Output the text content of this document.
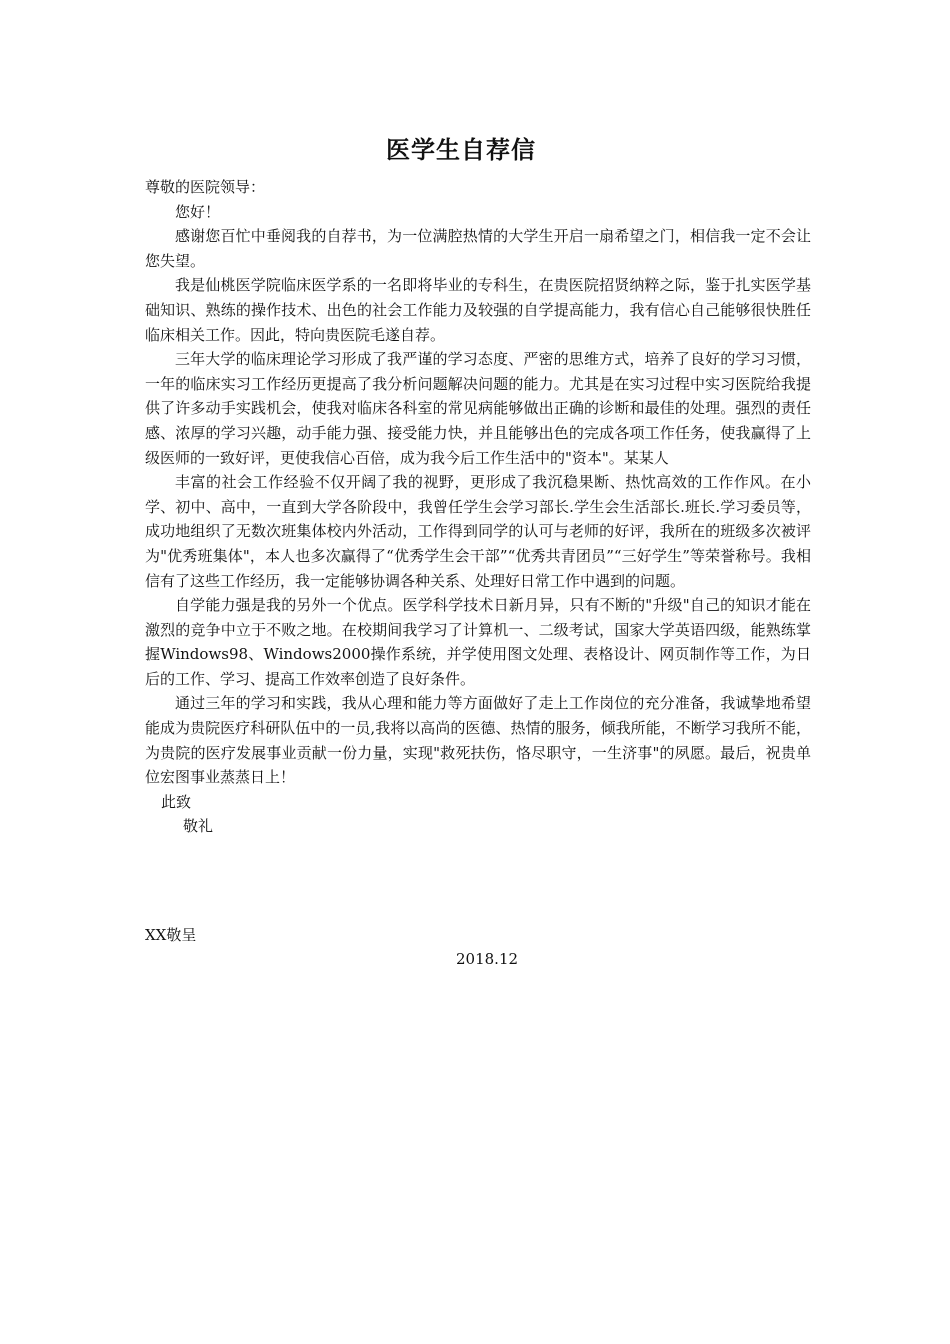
医学生自荐信

尊敬的医院领导：

您好！

感谢您百忙中垂阅我的自荐书，为一位满腔热情的大学生开启一扇希望之门，相信我一定不会让您失望。

我是仙桃医学院临床医学系的一名即将毕业的专科生，在贵医院招贤纳粹之际，鉴于扎实医学基础知识、熟练的操作技术、出色的社会工作能力及较强的自学提高能力，我有信心自己能够很快胜任临床相关工作。因此，特向贵医院毛遂自荐。

三年大学的临床理论学习形成了我严谨的学习态度、严密的思维方式，培养了良好的学习习惯，一年的临床实习工作经历更提高了我分析问题解决问题的能力。尤其是在实习过程中实习医院给我提供了许多动手实践机会，使我对临床各科室的常见病能够做出正确的诊断和最佳的处理。强烈的责任感、浓厚的学习兴趣，动手能力强、接受能力快，并且能够出色的完成各项工作任务，使我赢得了上级医师的一致好评，更使我信心百倍，成为我今后工作生活中的"资本"。某某人

丰富的社会工作经验不仅开阔了我的视野，更形成了我沉稳果断、热忱高效的工作作风。在小学、初中、高中，一直到大学各阶段中，我曾任学生会学习部长.学生会生活部长.班长.学习委员等，成功地组织了无数次班集体校内外活动，工作得到同学的认可与老师的好评，我所在的班级多次被评为"优秀班集体"，本人也多次赢得了“优秀学生会干部”“优秀共青团员”“三好学生”等荣誉称号。我相信有了这些工作经历，我一定能够协调各种关系、处理好日常工作中遇到的问题。

自学能力强是我的另外一个优点。医学科学技术日新月异，只有不断的"升级"自己的知识才能在激烈的竞争中立于不败之地。在校期间我学习了计算机一、二级考试，国家大学英语四级，能熟练掌握Windows98、Windows2000操作系统，并学使用图文处理、表格设计、网页制作等工作，为日后的工作、学习、提高工作效率创造了良好条件。

通过三年的学习和实践，我从心理和能力等方面做好了走上工作岗位的充分准备，我诚挚地希望能成为贵院医疗科研队伍中的一员,我将以高尚的医德、热情的服务，倾我所能，不断学习我所不能，为贵院的医疗发展事业贡献一份力量，实现"救死扶伤，恪尽职守，一生济事"的夙愿。最后，祝贵单位宏图事业蒸蒸日上！

此致

敬礼

XX敬呈
2018.12
